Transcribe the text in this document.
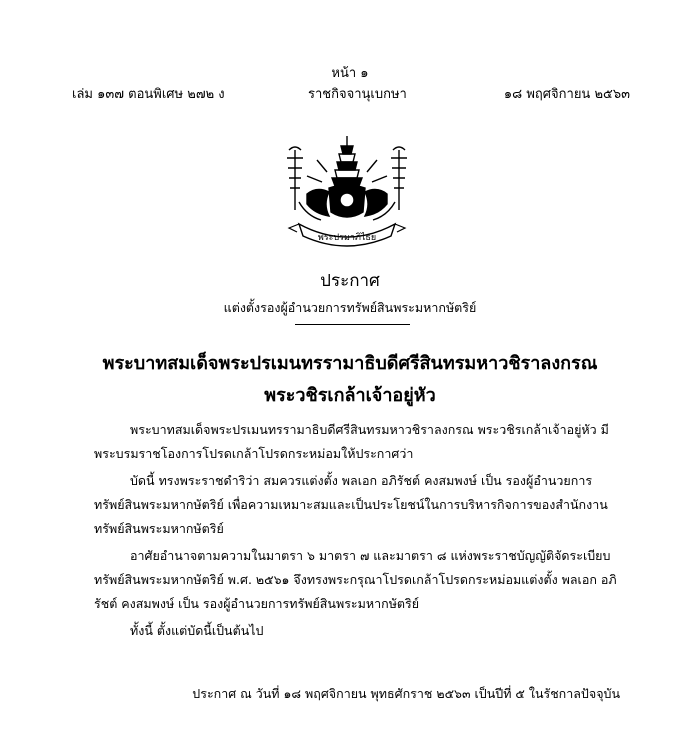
หน้า ๑
เล่ม ๑๓๗ ตอนพิเศษ ๒๗๒ ง	ราชกิจจานุเบกษา	๑๘ พฤศจิกายน ๒๕๖๓
พระปรมาภิไธย
ประกาศ
แต่งตั้งรองผู้อำนวยการทรัพย์สินพระมหากษัตริย์
พระบาทสมเด็จพระปรเมนทรรามาธิบดีศรีสินทรมหาวชิราลงกรณ
พระวชิรเกล้าเจ้าอยู่หัว

พระบาทสมเด็จพระปรเมนทรรามาธิบดีศรีสินทรมหาวชิราลงกรณ พระวชิรเกล้าเจ้าอยู่หัว มีพระบรมราชโองการโปรดเกล้าโปรดกระหม่อมให้ประกาศว่า

บัดนี้ ทรงพระราชดำริว่า สมควรแต่งตั้ง พลเอก อภิรัชต์ คงสมพงษ์ เป็น รองผู้อำนวยการทรัพย์สินพระมหากษัตริย์ เพื่อความเหมาะสมและเป็นประโยชน์ในการบริหารกิจการของสำนักงานทรัพย์สินพระมหากษัตริย์

อาศัยอำนาจตามความในมาตรา ๖ มาตรา ๗ และมาตรา ๘ แห่งพระราชบัญญัติจัดระเบียบทรัพย์สินพระมหากษัตริย์ พ.ศ. ๒๕๖๑ จึงทรงพระกรุณาโปรดเกล้าโปรดกระหม่อมแต่งตั้ง พลเอก อภิรัชต์ คงสมพงษ์ เป็น รองผู้อำนวยการทรัพย์สินพระมหากษัตริย์

ทั้งนี้ ตั้งแต่บัดนี้เป็นต้นไป

ประกาศ ณ วันที่ ๑๘ พฤศจิกายน พุทธศักราช ๒๕๖๓ เป็นปีที่ ๕ ในรัชกาลปัจจุบัน
